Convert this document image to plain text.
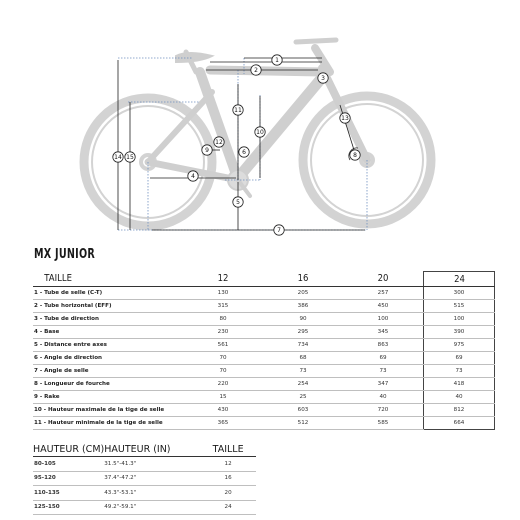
1
2
3
4
5
6
7
8
9
10
11
12
13
14 15
MX JUNIOR
TAILLE	12	16	20	24
1 - Tube de selle (C-T)	130	205	257	300
2 - Tube horizontal (EFF)	315	386	450	515
3 - Tube de direction	80	90	100	100
4 - Base	230	295	345	390
5 - Distance entre axes	561	734	863	975
6 - Angle de direction	70	68	69	69
7 - Angle de selle	70	73	73	73
8 - Longueur de fourche	220	254	347	418
9 - Rake	15	25	40	40
10 - Hauteur maximale de la tige de selle	430	603	720	812
11 - Hauteur minimale de la tige de selle	365	512	585	664
HAUTEUR (CM)	HAUTEUR (IN)	TAILLE
80-105	31.5"-41.3"	12
95-120	37.4"-47.2"	16
110-135	43.3"-53.1"	20
125-150	49.2"-59.1"	24
